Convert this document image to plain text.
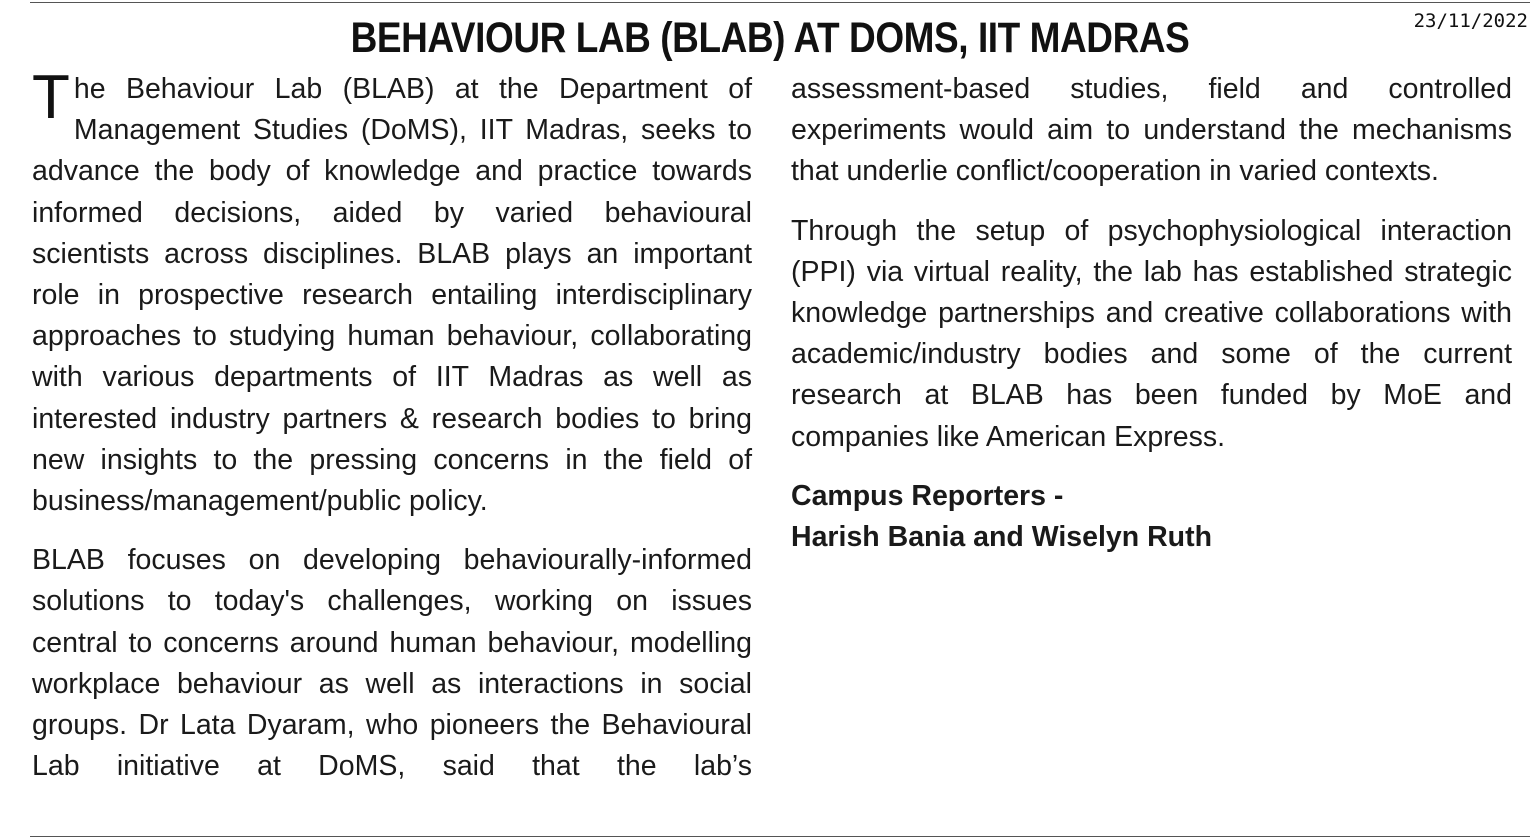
23/11/2022
BEHAVIOUR LAB (BLAB) AT DOMS, IIT MADRAS

The Behaviour Lab (BLAB) at the Department of Management Studies (DoMS), IIT Madras, seeks to advance the body of knowledge and practice towards informed decisions, aided by varied behavioural scientists across disciplines. BLAB plays an important role in prospective research entailing interdisciplinary approaches to studying human behaviour, collaborating with various departments of IIT Madras as well as interested industry partners & research bodies to bring new insights to the pressing concerns in the field of business/management/public policy.

BLAB focuses on developing behaviourally-informed solutions to today's challenges, working on issues central to concerns around human behaviour, modelling workplace behaviour as well as interactions in social groups. Dr Lata Dyaram, who pioneers the Behavioural Lab initiative at DoMS, said that the lab’s

assessment-based studies, field and controlled experiments would aim to understand the mechanisms that underlie conflict/cooperation in varied contexts.

Through the setup of psychophysiological interaction (PPI) via virtual reality, the lab has established strategic knowledge partnerships and creative collaborations with academic/industry bodies and some of the current research at BLAB has been funded by MoE and companies like American Express.

Campus Reporters -
Harish Bania and Wiselyn Ruth
